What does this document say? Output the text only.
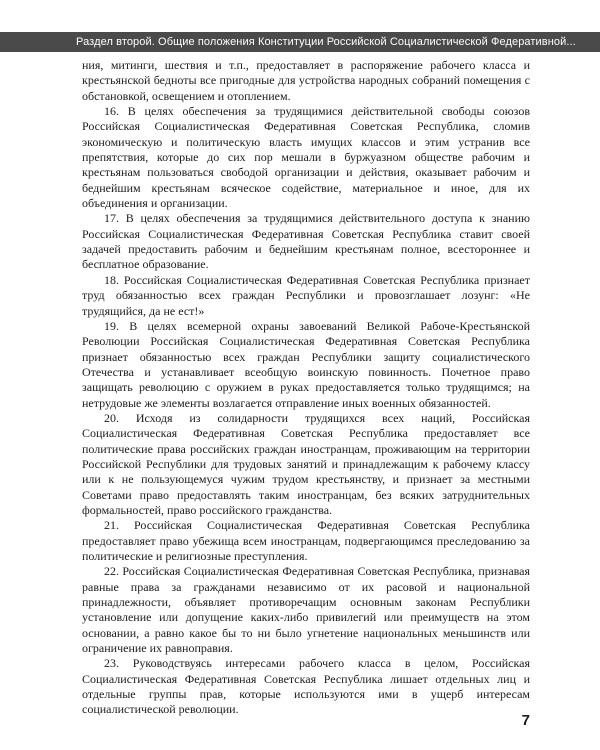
Раздел второй. Общие положения Конституции Российской Социалистической Федеративной...

ния, митинги, шествия и т.п., предоставляет в распоряжение рабочего класса и крестьянской бедноты все пригодные для устройства народных собраний помещения с обстановкой, освещением и отоплением.

16. В целях обеспечения за трудящимися действительной свободы союзов Российская Социалистическая Федеративная Советская Республика, сломив экономическую и политическую власть имущих классов и этим устранив все препятствия, которые до сих пор мешали в буржуазном обществе рабочим и крестьянам пользоваться свободой организации и действия, оказывает рабочим и беднейшим крестьянам всяческое содействие, материальное и иное, для их объединения и организации.

17. В целях обеспечения за трудящимися действительного доступа к знанию Российская Социалистическая Федеративная Советская Республика ставит своей задачей предоставить рабочим и беднейшим крестьянам полное, всестороннее и бесплатное образование.

18. Российская Социалистическая Федеративная Советская Республика признает труд обязанностью всех граждан Республики и провозглашает лозунг: «Не трудящийся, да не ест!»

19. В целях всемерной охраны завоеваний Великой Рабоче-Крестьянской Революции Российская Социалистическая Федеративная Советская Республика признает обязанностью всех граждан Республики защиту социалистического Отечества и устанавливает всеобщую воинскую повинность. Почетное право защищать революцию с оружием в руках предоставляется только трудящимся; на нетрудовые же элементы возлагается отправление иных военных обязанностей.

20. Исходя из солидарности трудящихся всех наций, Российская Социалистическая Федеративная Советская Республика предоставляет все политические права российских граждан иностранцам, проживающим на территории Российской Республики для трудовых занятий и принадлежащим к рабочему классу или к не пользующемуся чужим трудом крестьянству, и признает за местными Советами право предоставлять таким иностранцам, без всяких затруднительных формальностей, право российского гражданства.

21. Российская Социалистическая Федеративная Советская Республика предоставляет право убежища всем иностранцам, подвергающимся преследованию за политические и религиозные преступления.

22. Российская Социалистическая Федеративная Советская Республика, признавая равные права за гражданами независимо от их расовой и национальной принадлежности, объявляет противоречащим основным законам Республики установление или допущение каких-либо привилегий или преимуществ на этом основании, а равно какое бы то ни было угнетение национальных меньшинств или ограничение их равноправия.

23. Руководствуясь интересами рабочего класса в целом, Российская Социалистическая Федеративная Советская Республика лишает отдельных лиц и отдельные группы прав, которые используются ими в ущерб интересам социалистической революции.

7
